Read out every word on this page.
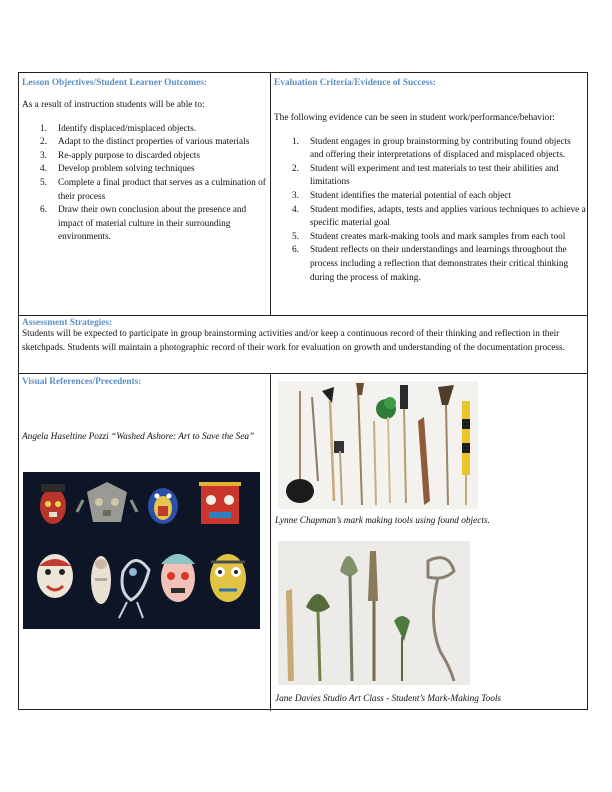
Lesson Objectives/Student Learner Outcomes:
As a result of instruction students will be able to:
1. Identify displaced/misplaced objects.
2. Adapt to the distinct properties of various materials
3. Re-apply purpose to discarded objects
4. Develop problem solving techniques
5. Complete a final product that serves as a culmination of their process
6. Draw their own conclusion about the presence and impact of material culture in their surrounding environments.
Evaluation Criteria/Evidence of Success:
The following evidence can be seen in student work/performance/behavior:
1. Student engages in group brainstorming by contributing found objects and offering their interpretations of displaced and misplaced objects.
2. Student will experiment and test materials to test their abilities and limitations
3. Student identifies the material potential of each object
4. Student modifies, adapts, tests and applies various techniques to achieve a specific material goal
5. Student creates mark-making tools and mark samples from each tool
6. Student reflects on their understandings and learnings throughout the process including a reflection that demonstrates their critical thinking during the process of making.
Assessment Strategies:
Students will be expected to participate in group brainstorming activities and/or keep a continuous record of their thinking and reflection in their sketchpads. Students will maintain a photographic record of their work for evaluation on growth and understanding of the documentation process.
Visual References/Precedents:
Angela Haseltine Pozzi “Washed Ashore: Art to Save the Sea”
Lynne Chapman’s mark making tools using found objects.
Jane Davies Studio Art Class - Student’s Mark-Making Tools
